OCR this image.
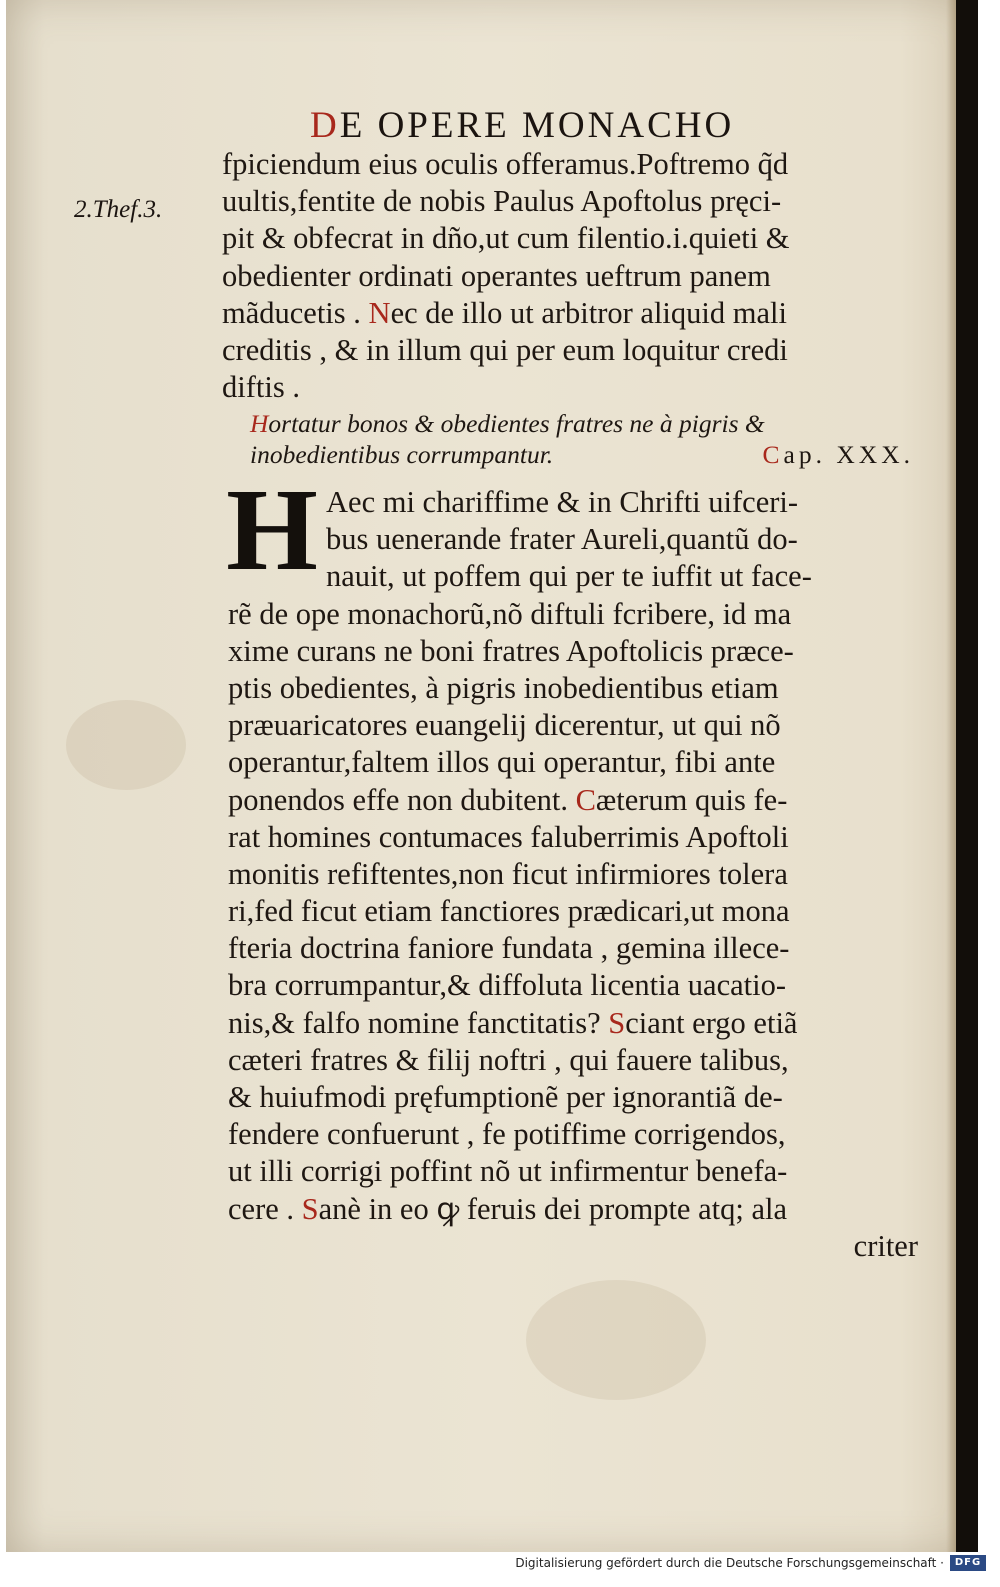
DE OPERE MONACHO
2.Thef.3.
fpiciendum eius oculis offeramus.Poftremo q̃d
uultis,fentite de nobis Paulus Apoftolus pręci-
pit & obfecrat in dño,ut cum filentio.i.quieti &
obedienter ordinati operantes ueftrum panem
mãducetis . Nec de illo ut arbitror aliquid mali
creditis , & in illum qui per eum loquitur credi
diftis .
Hortatur bonos & obedientes fratres ne à pigris &
inobedientibus corrumpantur.	Cap. XXX.
H Aec mi chariffime & in Chrifti uifceri-
bus uenerande frater Aureli,quantũ do-
nauit, ut poffem qui per te iuffit ut face-
rẽ de ope monachorũ,nõ diftuli fcribere, id ma
xime curans ne boni fratres Apoftolicis præce-
ptis obedientes, à pigris inobedientibus etiam
præuaricatores euangelij dicerentur, ut qui nõ
operantur,faltem illos qui operantur, fibi ante
ponendos effe non dubitent. Cæterum quis fe-
rat homines contumaces faluberrimis Apoftoli
monitis refiftentes,non ficut infirmiores tolera
ri,fed ficut etiam fanctiores prædicari,ut mona
fteria doctrina faniore fundata , gemina illece-
bra corrumpantur,& diffoluta licentia uacatio-
nis,& falfo nomine fanctitatis? Sciant ergo etiã
cæteri fratres & filij noftri , qui fauere talibus,
& huiufmodi pręfumptionẽ per ignorantiã de-
fendere confuerunt , fe potiffime corrigendos,
ut illi corrigi poffint nõ ut infirmentur benefa-
cere . Sanè in eo ꝙ feruis dei prompte atq; ala
criter
Digitalisierung gefördert durch die Deutsche Forschungsgemeinschaft ·	DFG
